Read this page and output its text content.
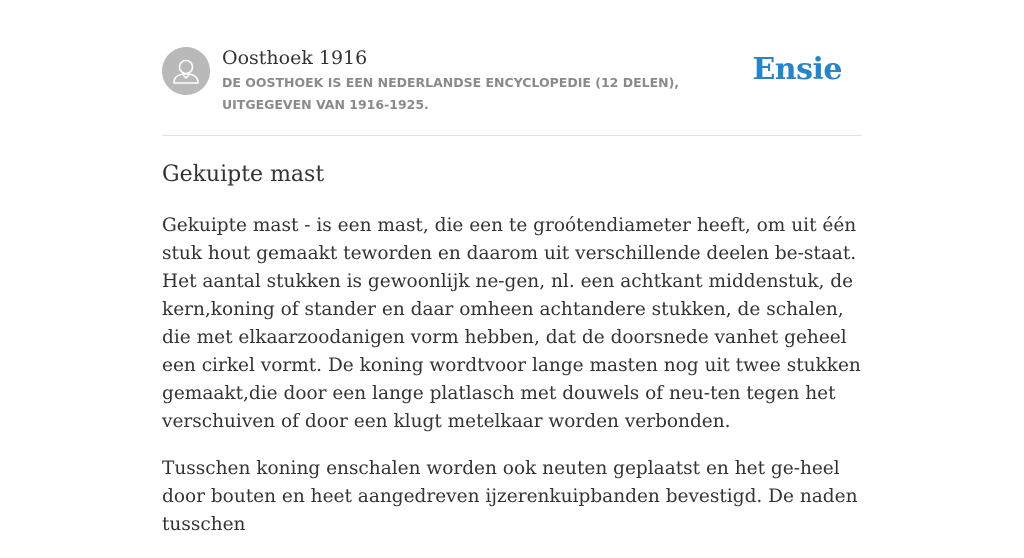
Oosthoek 1916

DE OOSTHOEK IS EEN NEDERLANDSE ENCYCLOPEDIE (12 DELEN), UITGEGEVEN VAN 1916-1925.

Ensie
Gekuipte mast

Gekuipte mast - is een mast, die een te groótendiameter heeft, om uit één stuk hout gemaakt teworden en daarom uit verschillende deelen be-staat. Het aantal stukken is gewoonlijk ne-gen, nl. een achtkant middenstuk, de kern,koning of stander en daar omheen achtandere stukken, de schalen, die met elkaarzoodanigen vorm hebben, dat de doorsnede vanhet geheel een cirkel vormt. De koning wordtvoor lange masten nog uit twee stukken gemaakt,die door een lange platlasch met douwels of neu-ten tegen het verschuiven of door een klugt metelkaar worden verbonden.

Tusschen koning enschalen worden ook neuten geplaatst en het ge-heel door bouten en heet aangedreven ijzerenkuipbanden bevestigd. De naden tusschen
